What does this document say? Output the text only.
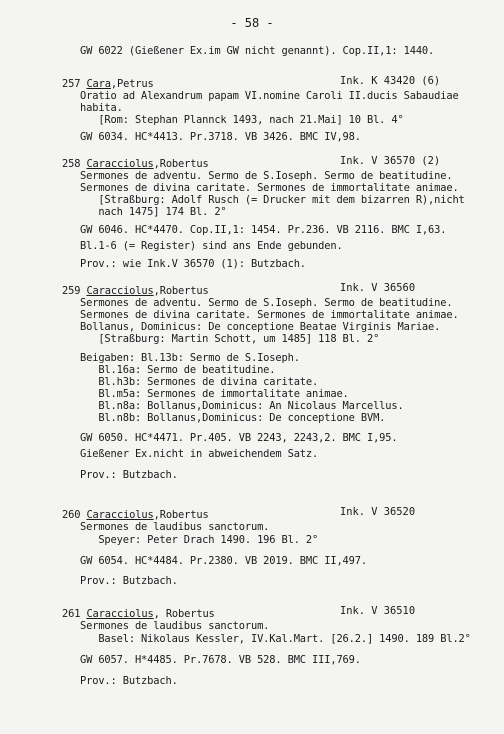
- 58 -
GW 6022 (Gießener Ex.im GW nicht genannt). Cop.II,1: 1440.
257 Cara,Petrus	Ink. K 43420 (6)
Oratio ad Alexandrum papam VI.nomine Caroli II.ducis Sabaudiae
habita.
[Rom: Stephan Plannck 1493, nach 21.Mai] 10 Bl. 4°
GW 6034. HC*4413. Pr.3718. VB 3426. BMC IV,98.
258 Caracciolus,Robertus	Ink. V 36570 (2)
Sermones de adventu. Sermo de S.Ioseph. Sermo de beatitudine.
Sermones de divina caritate. Sermones de immortalitate animae.
[Straßburg: Adolf Rusch (= Drucker mit dem bizarren R),nicht
nach 1475] 174 Bl. 2°
GW 6046. HC*4470. Cop.II,1: 1454. Pr.236. VB 2116. BMC I,63.
Bl.1-6 (= Register) sind ans Ende gebunden.
Prov.: wie Ink.V 36570 (1): Butzbach.
259 Caracciolus,Robertus	Ink. V 36560
Sermones de adventu. Sermo de S.Ioseph. Sermo de beatitudine.
Sermones de divina caritate. Sermones de immortalitate animae.
Bollanus, Dominicus: De conceptione Beatae Virginis Mariae.
[Straßburg: Martin Schott, um 1485] 118 Bl. 2°
Beigaben: Bl.13b: Sermo de S.Ioseph.
Bl.16a: Sermo de beatitudine.
Bl.h3b: Sermones de divina caritate.
Bl.m5a: Sermones de immortalitate animae.
Bl.n8a: Bollanus,Dominicus: An Nicolaus Marcellus.
Bl.n8b: Bollanus,Dominicus: De conceptione BVM.
GW 6050. HC*4471. Pr.405. VB 2243, 2243,2. BMC I,95.
Gießener Ex.nicht in abweichendem Satz.
Prov.: Butzbach.
260 Caracciolus,Robertus	Ink. V 36520
Sermones de laudibus sanctorum.
Speyer: Peter Drach 1490. 196 Bl. 2°
GW 6054. HC*4484. Pr.2380. VB 2019. BMC II,497.
Prov.: Butzbach.
261 Caracciolus, Robertus	Ink. V 36510
Sermones de laudibus sanctorum.
Basel: Nikolaus Kessler, IV.Kal.Mart. [26.2.] 1490. 189 Bl.2°
GW 6057. H*4485. Pr.7678. VB 528. BMC III,769.
Prov.: Butzbach.
